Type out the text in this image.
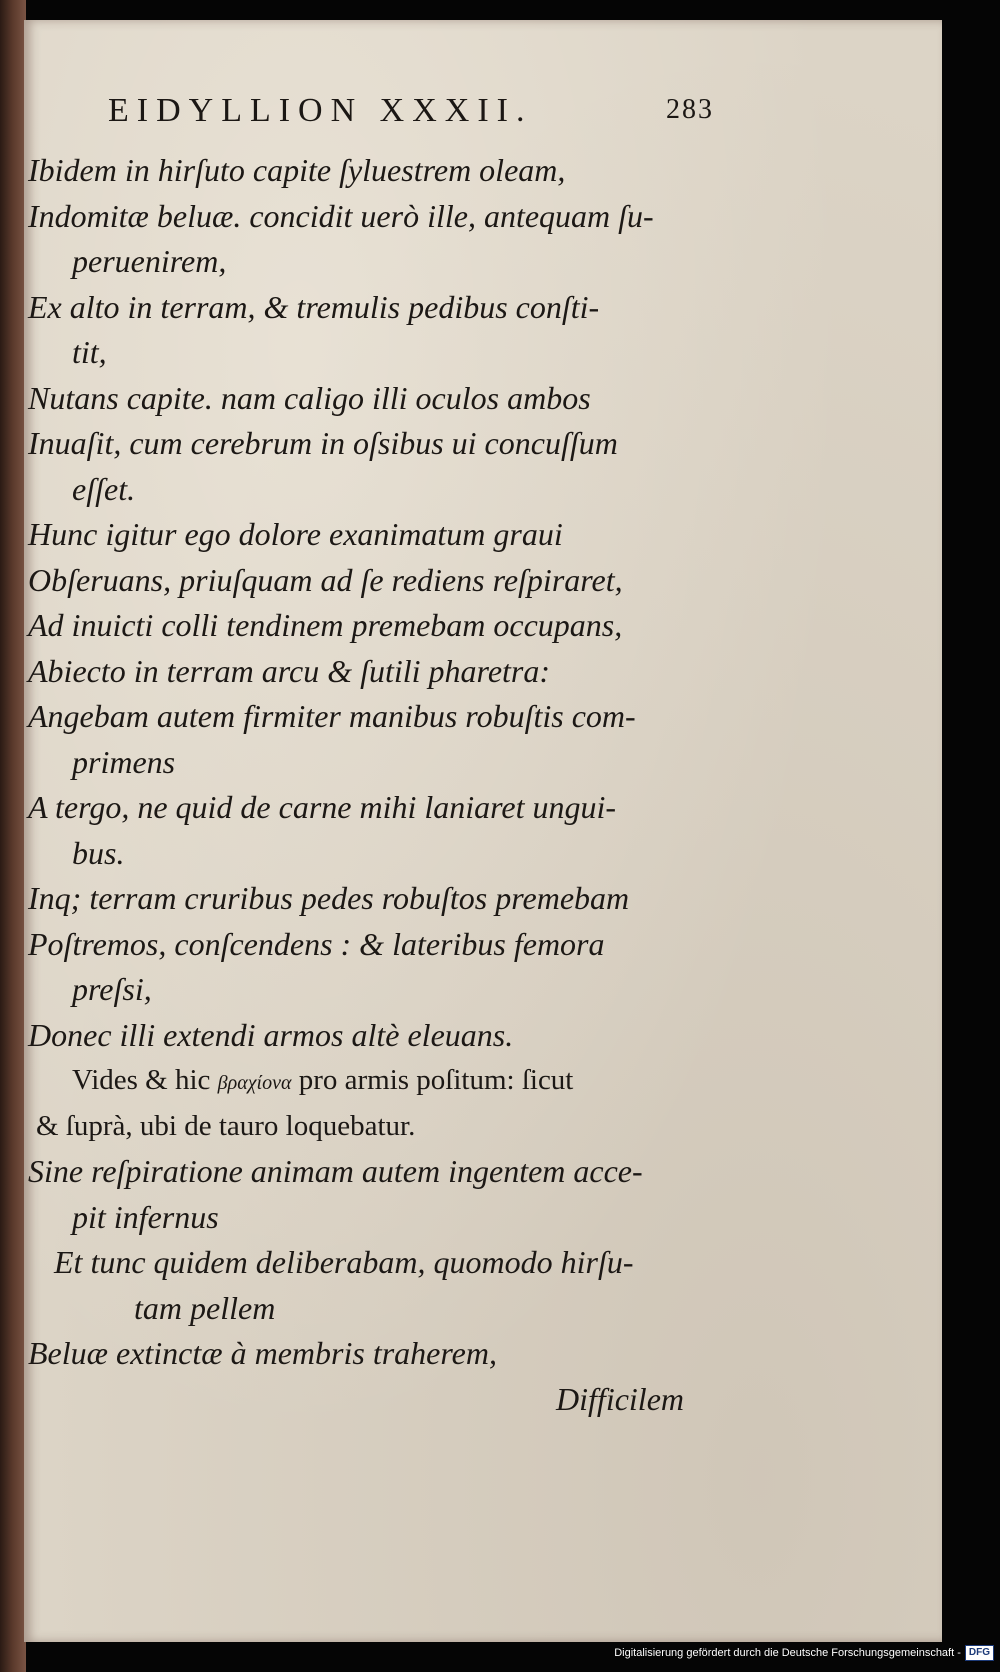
EIDYLLION XXXII.	283
Ibidem in hirſuto capite ſyluestrem oleam,
Indomitæ beluæ. concidit uerò ille, antequam ſu-
peruenirem,
Ex alto in terram, & tremulis pedibus conſti-
tit,
Nutans capite. nam caligo illi oculos ambos
Inuaſit, cum cerebrum in oſsibus ui concuſſum
eſſet.
Hunc igitur ego dolore exanimatum graui
Obſeruans, priuſquam ad ſe rediens reſpiraret,
Ad inuicti colli tendinem premebam occupans,
Abiecto in terram arcu & ſutili pharetra:
Angebam autem firmiter manibus robuſtis com-
primens
A tergo, ne quid de carne mihi laniaret ungui-
bus.
Inq; terram cruribus pedes robuſtos premebam
Poſtremos, conſcendens : & lateribus femora
preſsi,
Donec illi extendi armos altè eleuans.
Vides & hic βραχίονα pro armis poſitum: ſicut
& ſuprà, ubi de tauro loquebatur.
Sine reſpiratione animam autem ingentem acce-
pit infernus
Et tunc quidem deliberabam, quomodo hirſu-
tam pellem
Beluæ extinctæ à membris traherem,
Difficilem
Digitalisierung gefördert durch die Deutsche Forschungsgemeinschaft - DFG
